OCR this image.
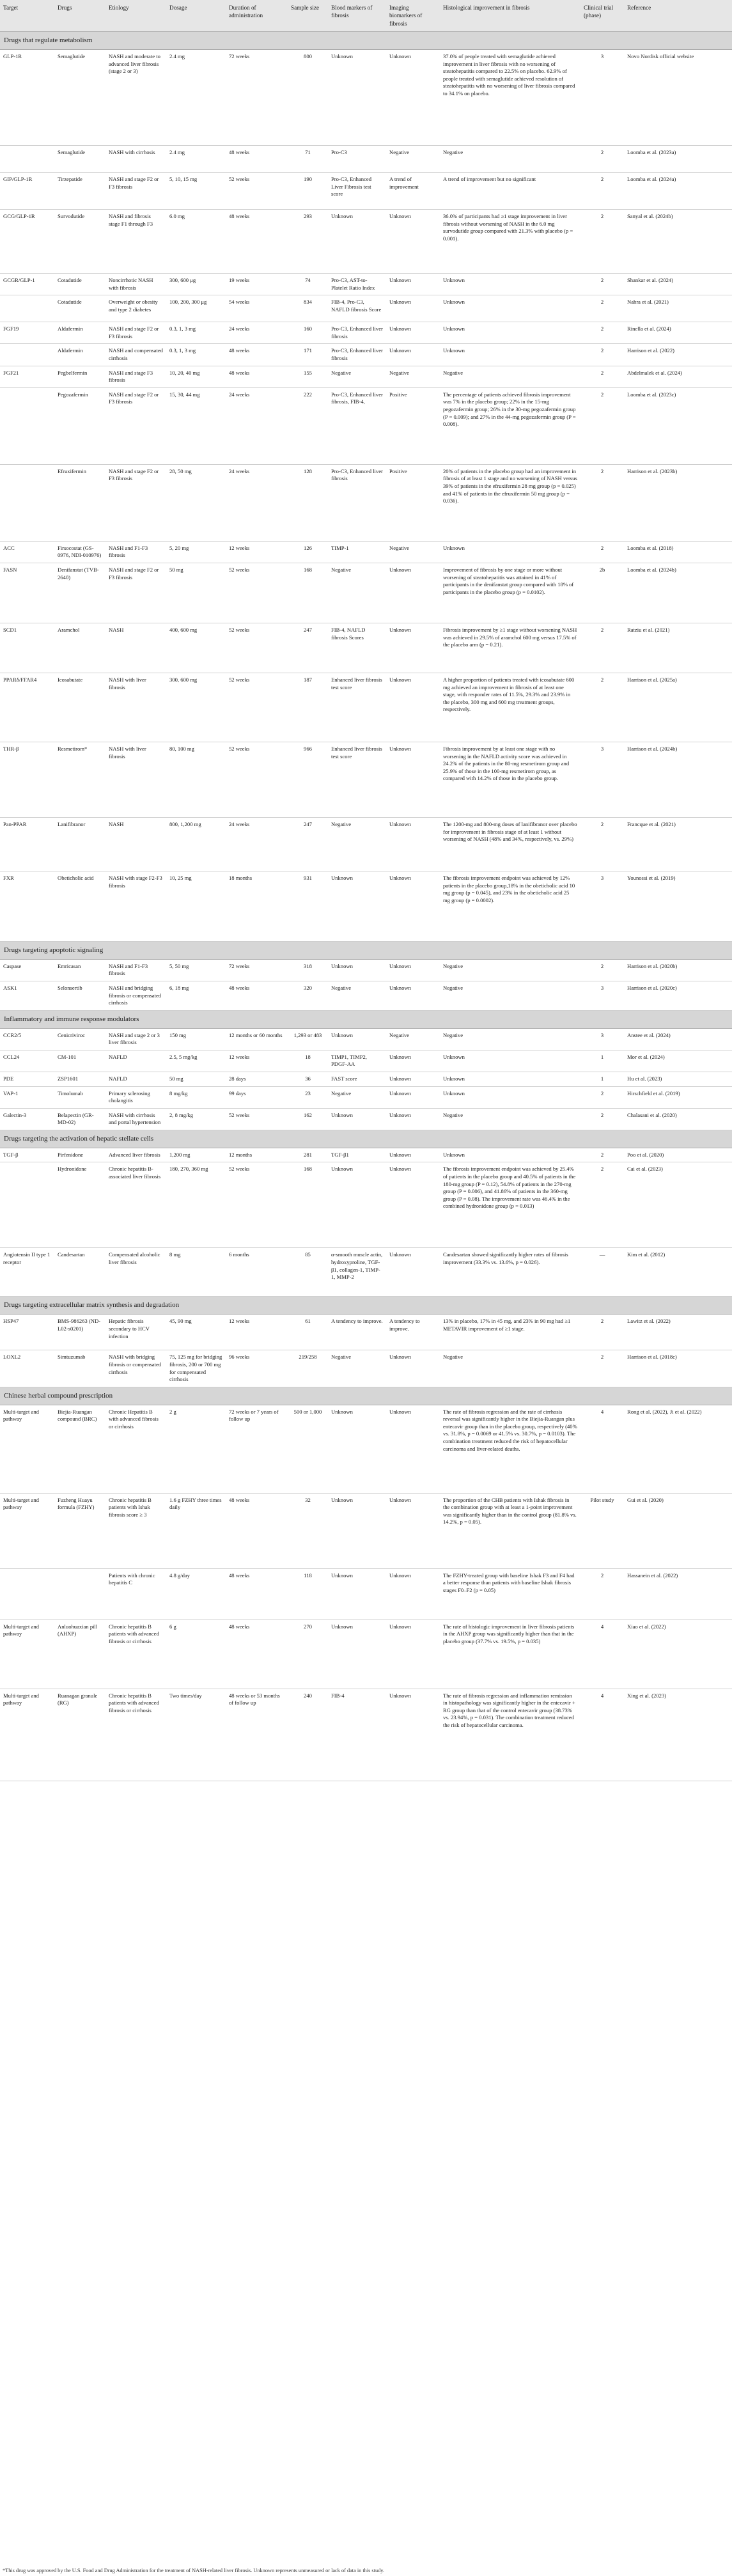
Target	Drugs	Etiology	Dosage	Duration of administration	Sample size	Blood markers of fibrosis	Imaging biomarkers of fibrosis	Histological improvement in fibrosis	Clinical trial (phase)	Reference
Drugs that regulate metabolism										
GLP-1R	Semaglutide	NASH and moderate to advanced liver fibrosis (stage 2 or 3)	2.4 mg	72 weeks	800	Unknown	Unknown	37.0% of people treated with semaglutide achieved improvement in liver fibrosis with no worsening of steatohepatitis compared to 22.5% on placebo. 62.9% of people treated with semaglutide achieved resolution of steatohepatitis with no worsening of liver fibrosis compared to 34.1% on placebo.	3	Novo Nordisk official website
	Semaglutide	NASH with cirrhosis	2.4 mg	48 weeks	71	Pro-C3	Negative	Negative	2	Loomba et al. (2023a)
GIP/GLP-1R	Tirzepatide	NASH and stage F2 or F3 fibrosis	5, 10, 15 mg	52 weeks	190	Pro-C3, Enhanced Liver Fibrosis test score	A trend of improvement	A trend of improvement but no significant	2	Loomba et al. (2024a)
GCG/GLP-1R	Survodutide	NASH and fibrosis stage F1 through F3	6.0 mg	48 weeks	293	Unknown	Unknown	36.0% of participants had ≥1 stage improvement in liver fibrosis without worsening of NASH in the 6.0 mg survodutide group compared with 21.3% with placebo (p = 0.001).	2	Sanyal et al. (2024b)
GCGR/GLP-1	Cotadutide	Noncirrhotic NASH with fibrosis	300, 600 μg	19 weeks	74	Pro-C3, AST-to-Platelet Ratio Index	Unknown	Unknown	2	Shankar et al. (2024)
	Cotadutide	Overweight or obesity and type 2 diabetes	100, 200, 300 μg	54 weeks	834	FIB-4, Pro-C3, NAFLD fibrosis Score	Unknown	Unknown	2	Nahra et al. (2021)
FGF19	Aldafermin	NASH and stage F2 or F3 fibrosis	0.3, 1, 3 mg	24 weeks	160	Pro-C3, Enhanced liver fibrosis	Unknown	Unknown	2	Rinella et al. (2024)
	Aldafermin	NASH and compensated cirrhosis	0.3, 1, 3 mg	48 weeks	171	Pro-C3, Enhanced liver fibrosis	Unknown	Unknown	2	Harrison et al. (2022)
FGF21	Pegbelfermin	NASH and stage F3 fibrosis	10, 20, 40 mg	48 weeks	155	Negative	Negative	Negative	2	Abdelmalek et al. (2024)
	Pegozafermin	NASH and stage F2 or F3 fibrosis	15, 30, 44 mg	24 weeks	222	Pro-C3, Enhanced liver fibrosis, FIB-4,	Positive	The percentage of patients achieved fibrosis improvement was 7% in the placebo group; 22% in the 15-mg pegozafermin group; 26% in the 30-mg pegozafermin group (P = 0.009); and 27% in the 44-mg pegozafermin group (P = 0.008).	2	Loomba et al. (2023c)
	Efruxifermin	NASH and stage F2 or F3 fibrosis	28, 50 mg	24 weeks	128	Pro-C3, Enhanced liver fibrosis	Positive	20% of patients in the placebo group had an improvement in fibrosis of at least 1 stage and no worsening of NASH versus 39% of patients in the efruxifermin 28 mg group (p = 0.025) and 41% of patients in the efruxifermin 50 mg group (p = 0.036).	2	Harrison et al. (2023b)
ACC	Firsocostat (GS-0976, NDI-010976)	NASH and F1-F3 fibrosis	5, 20 mg	12 weeks	126	TIMP-1	Negative	Unknown	2	Loomba et al. (2018)
FASN	Denifanstat (TVB-2640)	NASH and stage F2 or F3 fibrosis	50 mg	52 weeks	168	Negative	Unknown	Improvement of fibrosis by one stage or more without worsening of steatohepatitis was attained in 41% of participants in the denifanstat group compared with 18% of participants in the placebo group (p = 0.0102).	2b	Loomba et al. (2024b)
SCD1	Aramchol	NASH	400, 600 mg	52 weeks	247	FIB-4, NAFLD fibrosis Scores	Unknown	Fibrosis improvement by ≥1 stage without worsening NASH was achieved in 29.5% of aramchol 600 mg versus 17.5% of the placebo arm (p = 0.21).	2	Ratziu et al. (2021)
PPARδ/FFAR4	Icosabutate	NASH with liver fibrosis	300, 600 mg	52 weeks	187	Enhanced liver fibrosis test score	Unknown	A higher proportion of patients treated with icosabutate 600 mg achieved an improvement in fibrosis of at least one stage, with responder rates of 11.5%, 29.3% and 23.9% in the placebo, 300 mg and 600 mg treatment groups, respectively.	2	Harrison et al. (2025a)
THR-β	Resmetirom*	NASH with liver fibrosis	80, 100 mg	52 weeks	966	Enhanced liver fibrosis test score	Unknown	Fibrosis improvement by at least one stage with no worsening in the NAFLD activity score was achieved in 24.2% of the patients in the 80-mg resmetirom group and 25.9% of those in the 100-mg resmetirom group, as compared with 14.2% of those in the placebo group.	3	Harrison et al. (2024b)
Pan-PPAR	Lanifibranor	NASH	800, 1,200 mg	24 weeks	247	Negative	Unknown	The 1200-mg and 800-mg doses of lanifibranor over placebo for improvement in fibrosis stage of at least 1 without worsening of NASH (48% and 34%, respectively, vs. 29%)	2	Francque et al. (2021)
FXR	Obeticholic acid	NASH with stage F2-F3 fibrosis	10, 25 mg	18 months	931	Unknown	Unknown	The fibrosis improvement endpoint was achieved by 12% patients in the placebo group,18% in the obeticholic acid 10 mg group (p = 0.045), and 23% in the obeticholic acid 25 mg group (p = 0.0002).	3	Younossi et al. (2019)
Drugs targeting apoptotic signaling										
Caspase	Emricasan	NASH and F1-F3 fibrosis	5, 50 mg	72 weeks	318	Unknown	Unknown	Negative	2	Harrison et al. (2020b)
ASK1	Selonsertib	NASH and bridging fibrosis or compensated cirrhosis	6, 18 mg	48 weeks	320	Negative	Unknown	Negative	3	Harrison et al. (2020c)
Inflammatory and immune response modulators										
CCR2/5	Cenicriviroc	NASH and stage 2 or 3 liver fibrosis	150 mg	12 months or 60 months	1,293 or 483	Unknown	Negative	Negative	3	Anstee et al. (2024)
CCL24	CM-101	NAFLD	2.5, 5 mg/kg	12 weeks	18	TIMP1, TIMP2, PDGF-AA	Unknown	Unknown	1	Mor et al. (2024)
PDE	ZSP1601	NAFLD	50 mg	28 days	36	FAST score	Unknown	Unknown	1	Hu et al. (2023)
VAP-1	Timolumab	Primary sclerosing cholangitis	8 mg/kg	99 days	23	Negative	Unknown	Unknown	2	Hirschfield et al. (2019)
Galectin-3	Belapectin (GR-MD-02)	NASH with cirrhosis and portal hypertension	2, 8 mg/kg	52 weeks	162	Unknown	Unknown	Negative	2	Chalasani et al. (2020)
Drugs targeting the activation of hepatic stellate cells										
TGF-β	Pirfenidone	Advanced liver fibrosis	1,200 mg	12 months	281	TGF-β1	Unknown	Unknown	2	Poo et al. (2020)
	Hydronidone	Chronic hepatitis B-associated liver fibrosis	180, 270, 360 mg	52 weeks	168	Unknown	Unknown	The fibrosis improvement endpoint was achieved by 25.4% of patients in the placebo group and 40.5% of patients in the 180-mg group (P = 0.12), 54.8% of patients in the 270-mg group (P = 0.006), and 41.86% of patients in the 360-mg group (P = 0.08). The improvement rate was 46.4% in the combined hydronidone group (p = 0.013)	2	Cai et al. (2023)
Angiotensin II type 1 receptor	Candesartan	Compensated alcoholic liver fibrosis	8 mg	6 months	85	α-smooth muscle actin, hydroxyproline, TGF-β1, collagen-1, TIMP-1, MMP-2	Unknown	Candesartan showed significantly higher rates of fibrosis improvement (33.3% vs. 13.6%, p = 0.026).	—	Kim et al. (2012)
Drugs targeting extracellular matrix synthesis and degradation										
HSP47	BMS-986263 (ND-L02-s0201)	Hepatic fibrosis secondary to HCV infection	45, 90 mg	12 weeks	61	A tendency to improve.	A tendency to improve.	13% in placebo, 17% in 45 mg, and 23% in 90 mg had ≥1 METAVIR improvement of ≥1 stage.	2	Lawitz et al. (2022)
LOXL2	Simtuzumab	NASH with bridging fibrosis or compensated cirrhosis	75, 125 mg for bridging fibrosis, 200 or 700 mg for compensated cirrhosis	96 weeks	219/258	Negative	Unknown	Negative	2	Harrison et al. (2018c)
Chinese herbal compound prescription										
Multi-target and pathway	Biejia-Ruangan compound (BRC)	Chronic Hepatitis B with advanced fibrosis or cirrhosis	2 g	72 weeks or 7 years of follow up	500 or 1,000	Unknown	Unknown	The rate of fibrosis regression and the rate of cirrhosis reversal was significantly higher in the Biejia-Ruangan plus entecavir group than in the placebo group, respectively (40% vs. 31.8%, p = 0.0069 or 41.5% vs. 30.7%, p = 0.0103). The combination treatment reduced the risk of hepatocellular carcinoma and liver-related deaths.	4	Rong et al. (2022), Ji et al. (2022)
Multi-target and pathway	Fuzheng Huayu formula (FZHY)	Chronic hepatitis B patients with Ishak fibrosis score ≥ 3	1.6 g FZHY three times daily	48 weeks	32	Unknown	Unknown	The proportion of the CHB patients with Ishak fibrosis in the combination group with at least a 1-point improvement was significantly higher than in the control group (81.8% vs. 14.2%, p = 0.05).	Pilot study	Gui et al. (2020)
		Patients with chronic hepatitis C	4.8 g/day	48 weeks	118	Unknown	Unknown	The FZHY-treated group with baseline Ishak F3 and F4 had a better response than patients with baseline Ishak fibrosis stages F0–F2 (p = 0.05)	2	Hassanein et al. (2022)
Multi-target and pathway	Anluohuaxian pill (AHXP)	Chronic hepatitis B patients with advanced fibrosis or cirrhosis	6 g	48 weeks	270	Unknown	Unknown	The rate of histologic improvement in liver fibrosis patients in the AHXP group was significantly higher than that in the placebo group (37.7% vs. 19.5%, p = 0.035)	4	Xiao et al. (2022)
Multi-target and pathway	Ruanagan granule (RG)	Chronic hepatitis B patients with advanced fibrosis or cirrhosis	Two times/day	48 weeks or 53 months of follow up	240	FIB-4	Unknown	The rate of fibrosis regression and inflammation remission in histopathology was significantly higher in the entecavir + RG group than that of the control entecavir group (38.73% vs. 23.94%, p = 0.031). The combination treatment reduced the risk of hepatocellular carcinoma.	4	Xing et al. (2023)
*This drug was approved by the U.S. Food and Drug Administration for the treatment of NASH-related liver fibrosis. Unknown represents unmeasured or lack of data in this study.
